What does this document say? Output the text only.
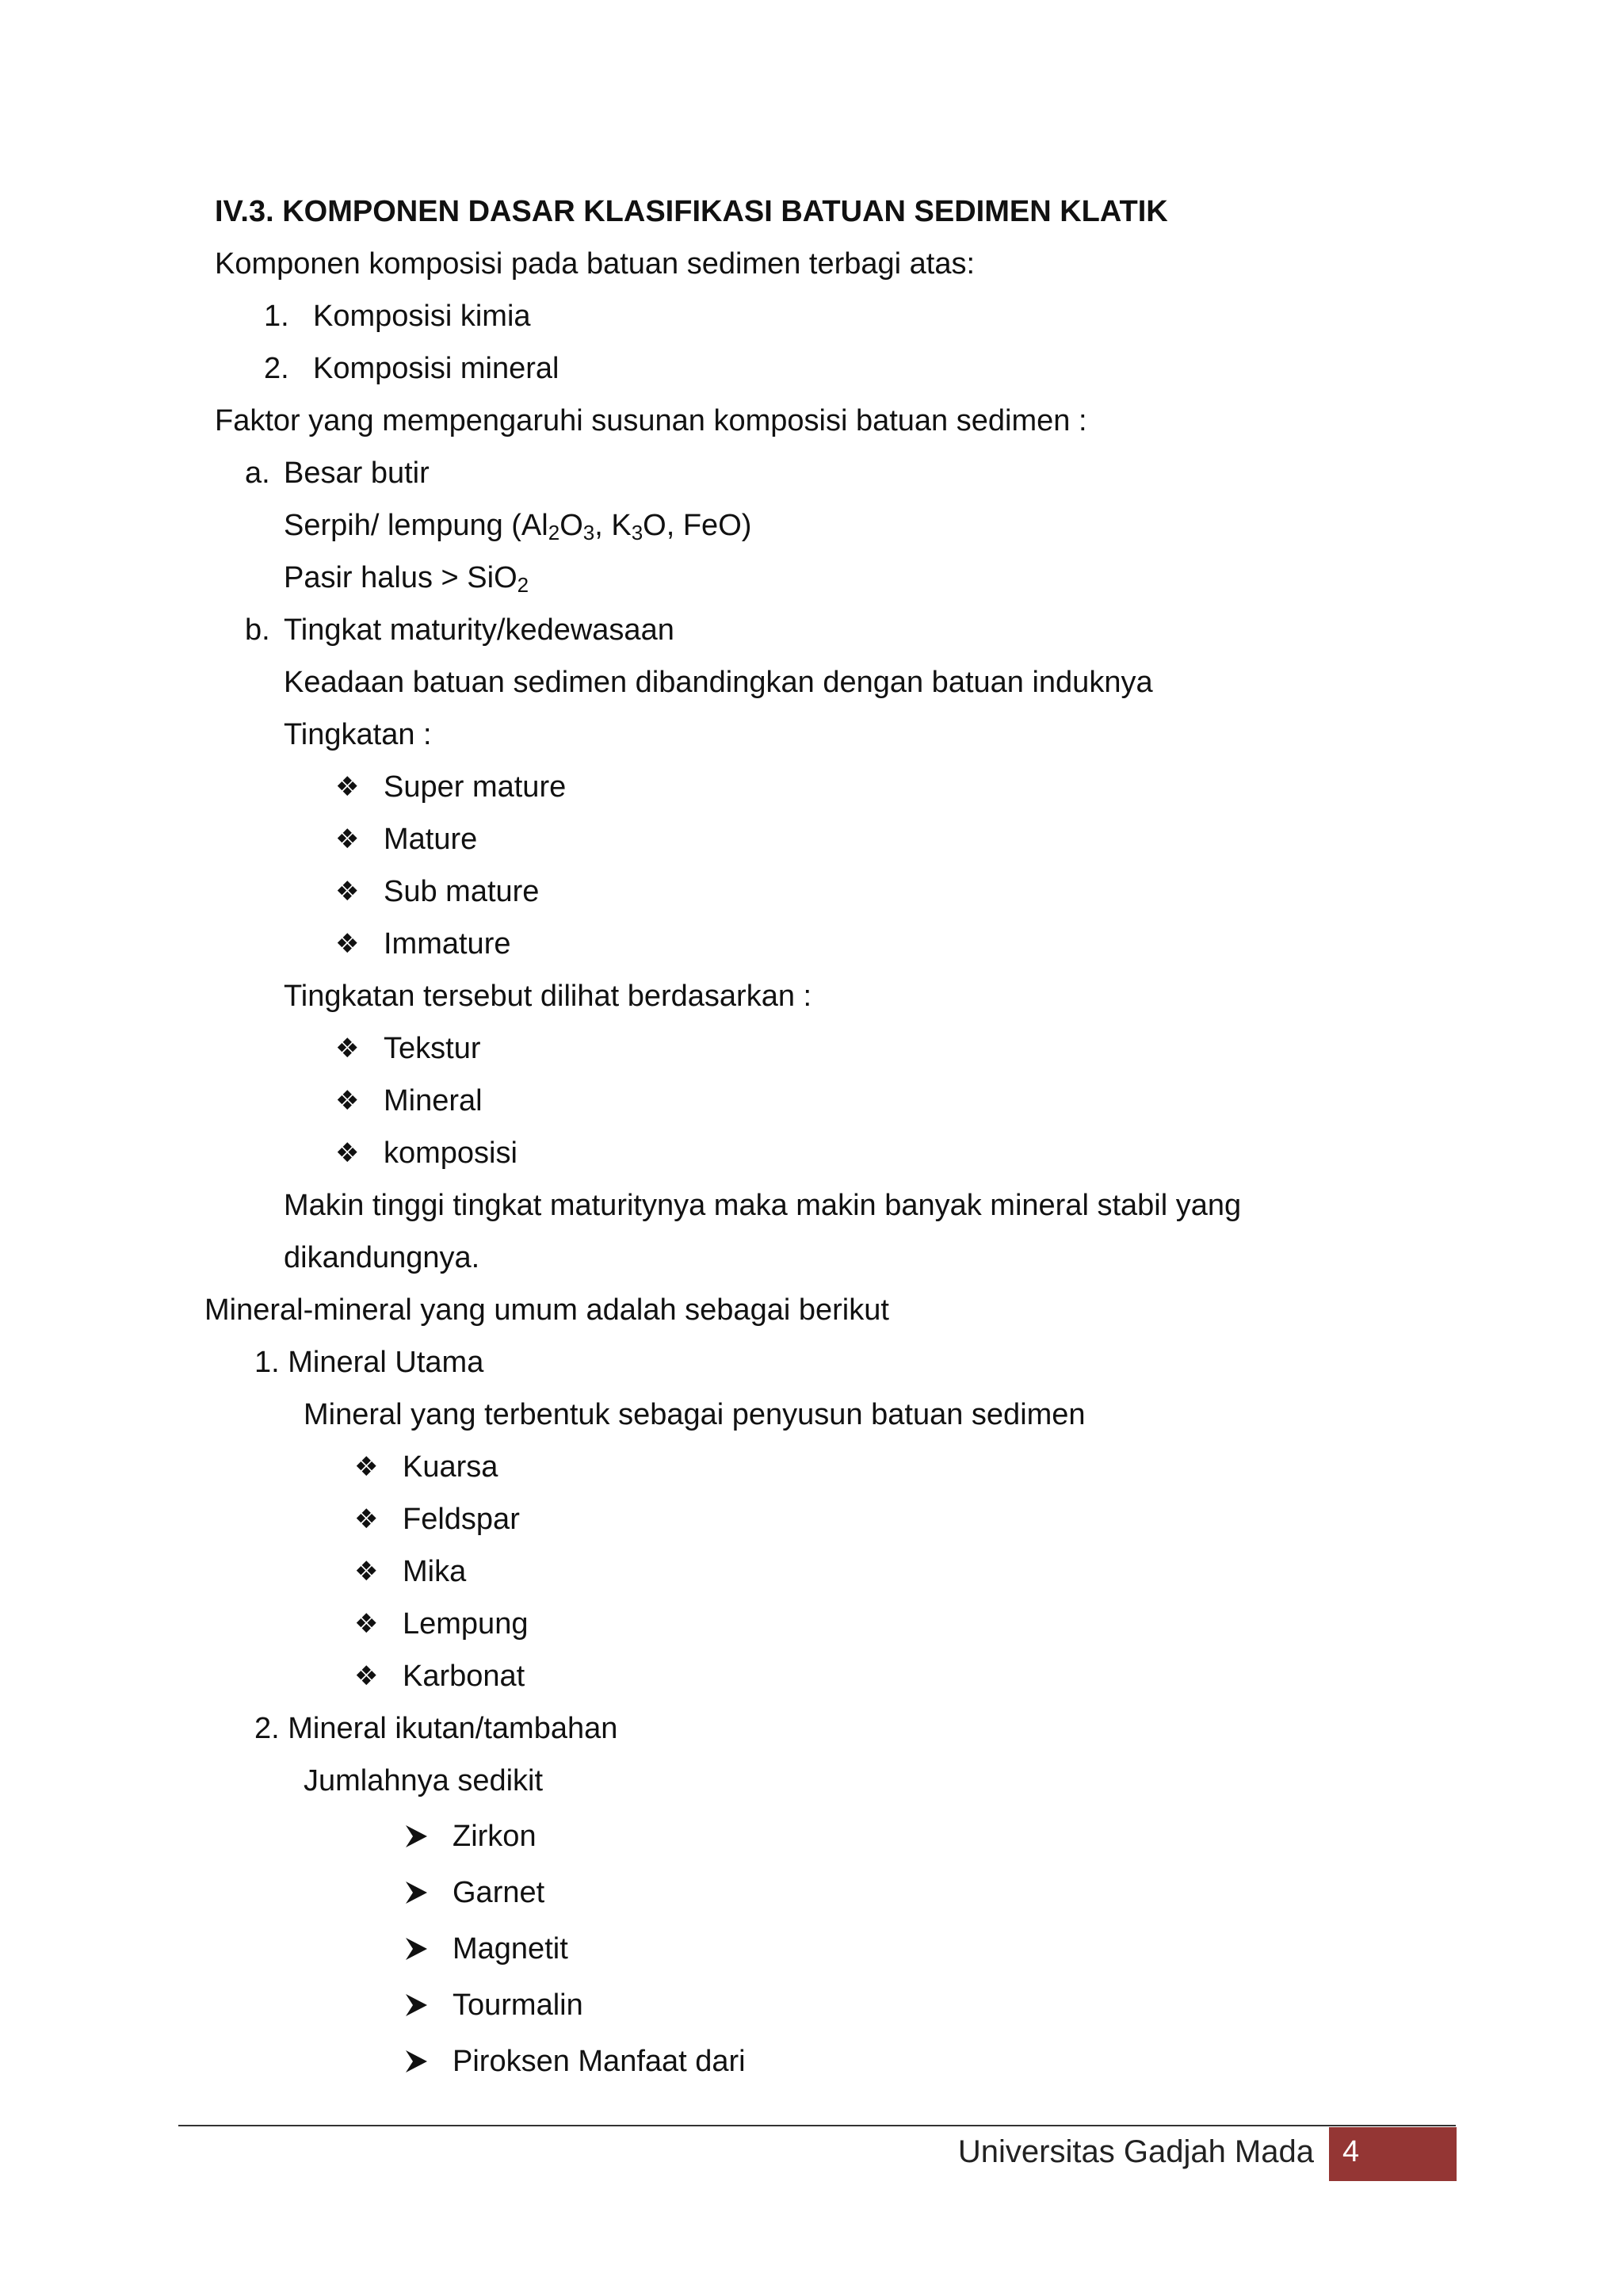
IV.3. KOMPONEN DASAR KLASIFIKASI BATUAN SEDIMEN KLATIK
Komponen komposisi pada batuan sedimen terbagi atas:
1. Komposisi kimia
2. Komposisi mineral
Faktor yang mempengaruhi susunan komposisi batuan sedimen :
a. Besar butir
Serpih/ lempung ($Al_2O_3$, $K_3O$, FeO)
Pasir halus > SiO$_2$
b. Tingkat maturity/kedewasaan
Keadaan batuan sedimen dibandingkan dengan batuan induknya
Tingkatan :
❖ Super mature
❖ Mature
❖ Sub mature
❖ Immature
Tingkatan tersebut dilihat berdasarkan :
❖ Tekstur
❖ Mineral
❖ komposisi
Makin tinggi tingkat maturitynya maka makin banyak mineral stabil yang
dikandungnya.
Mineral-mineral yang umum adalah sebagai berikut
1. Mineral Utama
Mineral yang terbentuk sebagai penyusun batuan sedimen
❖ Kuarsa
❖ Feldspar
❖ Mika
❖ Lempung
❖ Karbonat
2. Mineral ikutan/tambahan
Jumlahnya sedikit
Zirkon
Garnet
Magnetit
Tourmalin
Piroksen Manfaat dari
Universitas Gadjah Mada 4
